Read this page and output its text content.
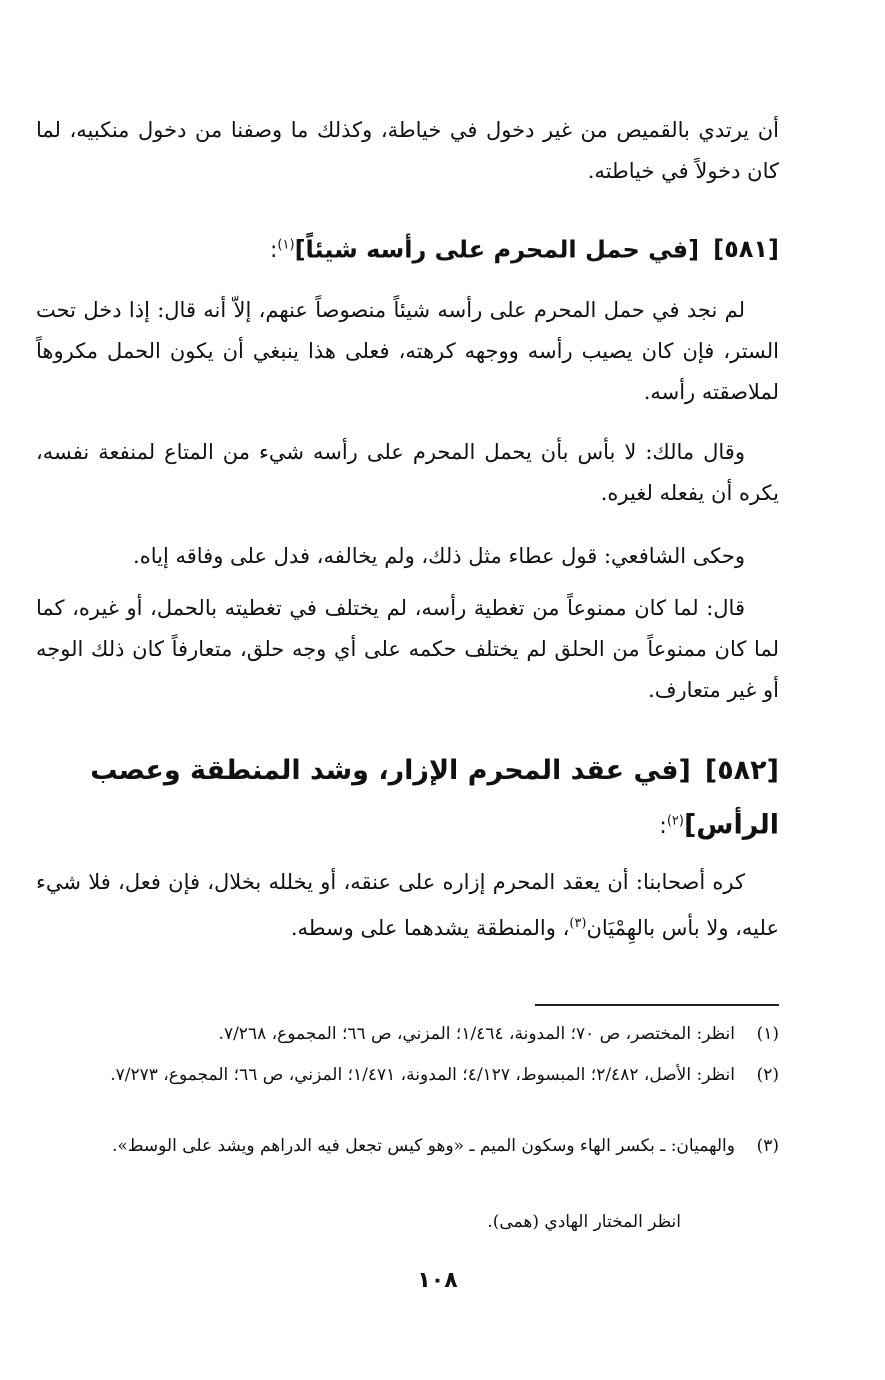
أن يرتدي بالقميص من غير دخول في خياطة، وكذلك ما وصفنا من دخول منكبيه، لما كان دخولاً في خياطته.

[٥٨١][في حمل المحرم على رأسه شيئاً]$^{(١)}$:

لم نجد في حمل المحرم على رأسه شيئاً منصوصاً عنهم، إلاّ أنه قال: إذا دخل تحت الستر، فإن كان يصيب رأسه ووجهه كرهته، فعلى هذا ينبغي أن يكون الحمل مكروهاً لملاصقته رأسه.

وقال مالك: لا بأس بأن يحمل المحرم على رأسه شيء من المتاع لمنفعة نفسه، يكره أن يفعله لغيره.

وحكى الشافعي: قول عطاء مثل ذلك، ولم يخالفه، فدل على وفاقه إياه.

قال: لما كان ممنوعاً من تغطية رأسه، لم يختلف في تغطيته بالحمل، أو غيره، كما لما كان ممنوعاً من الحلق لم يختلف حكمه على أي وجه حلق، متعارفاً كان ذلك الوجه أو غير متعارف.

[٥٨٢][في عقد المحرم الإزار، وشد المنطقة وعصب
الرأس]$^{(٢)}$:

كره أصحابنا: أن يعقد المحرم إزاره على عنقه، أو يخلله بخلال، فإن فعل، فلا شيء عليه، ولا بأس بالهِمْيَان$^{(٣)}$، والمنطقة يشدهما على وسطه.

(١)
انظر: المختصر، ص ٧٠؛ المدونة، ١/٤٦٤؛ المزني، ص ٦٦؛ المجموع، ٧/٢٦٨.

(٢)
انظر: الأصل، ٢/٤٨٢؛ المبسوط، ٤/١٢٧؛ المدونة، ١/٤٧١؛ المزني، ص ٦٦؛ المجموع، ٧/٢٧٣.

(٣)
والهميان: ـ بكسر الهاء وسكون الميم ـ «وهو كيس تجعل فيه الدراهم ويشد على الوسط».

انظر المختار الهادي (همى).
١٠٨
